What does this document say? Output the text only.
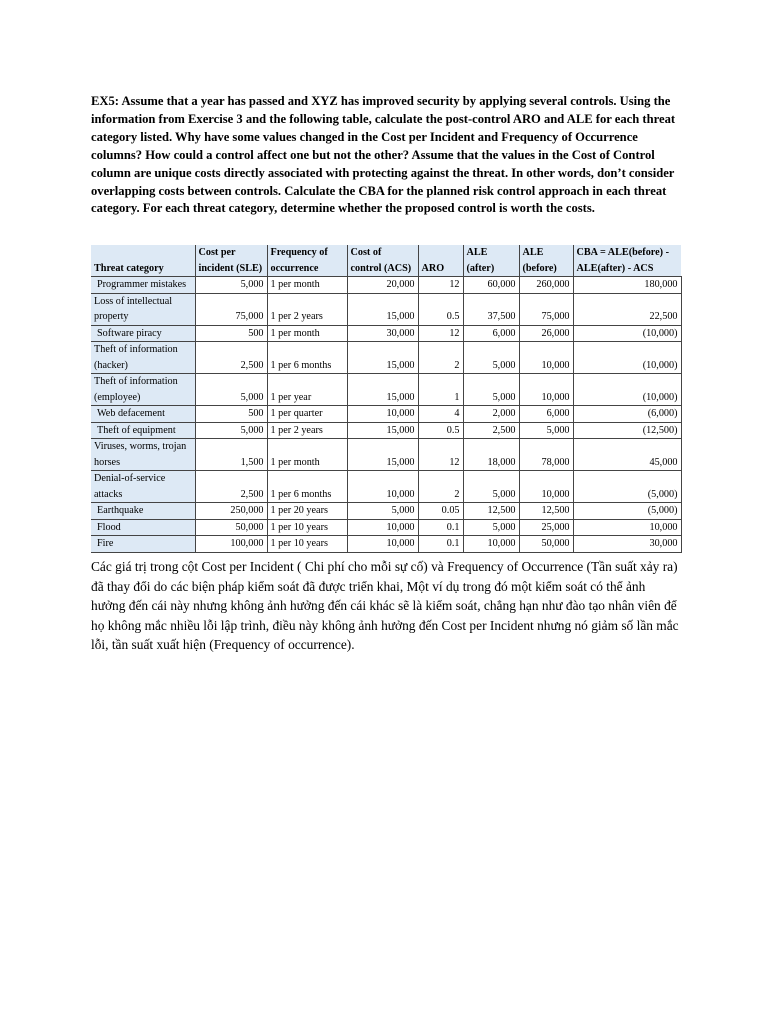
EX5: Assume that a year has passed and XYZ has improved security by applying several controls. Using the information from Exercise 3 and the following table, calculate the post-control ARO and ALE for each threat category listed. Why have some values changed in the Cost per Incident and Frequency of Occurrence columns? How could a control affect one but not the other? Assume that the values in the Cost of Control column are unique costs directly associated with protecting against the threat. In other words, don’t consider overlapping costs between controls. Calculate the CBA for the planned risk control approach in each threat category. For each threat category, determine whether the proposed control is worth the costs.

Threat category	Cost per incident (SLE)	Frequency of occurrence	Cost of control (ACS)	ARO	ALE (after)	ALE (before)	CBA = ALE(before) - ALE(after) - ACS
Programmer mistakes	5,000	1 per month	20,000	12	60,000	260,000	180,000
Loss of intellectual property	75,000	1 per 2 years	15,000	0.5	37,500	75,000	22,500
Software piracy	500	1 per month	30,000	12	6,000	26,000	(10,000)
Theft of information (hacker)	2,500	1 per 6 months	15,000	2	5,000	10,000	(10,000)
Theft of information (employee)	5,000	1 per year	15,000	1	5,000	10,000	(10,000)
Web defacement	500	1 per quarter	10,000	4	2,000	6,000	(6,000)
Theft of equipment	5,000	1 per 2 years	15,000	0.5	2,500	5,000	(12,500)
Viruses, worms, trojan horses	1,500	1 per month	15,000	12	18,000	78,000	45,000
Denial-of-service attacks	2,500	1 per 6 months	10,000	2	5,000	10,000	(5,000)
Earthquake	250,000	1 per 20 years	5,000	0.05	12,500	12,500	(5,000)
Flood	50,000	1 per 10 years	10,000	0.1	5,000	25,000	10,000
Fire	100,000	1 per 10 years	10,000	0.1	10,000	50,000	30,000

Các giá trị trong cột Cost per Incident ( Chi phí cho mỗi sự cố) và Frequency of Occurrence (Tần suất xảy ra) đã thay đổi do các biện pháp kiểm soát đã được triển khai, Một ví dụ trong đó một kiểm soát có thể ảnh hưởng đến cái này nhưng không ảnh hưởng đến cái khác sẽ là kiểm soát, chẳng hạn như đào tạo nhân viên để họ không mắc nhiều lỗi lập trình, điều này không ảnh hưởng đến Cost per Incident nhưng nó giảm số lần mắc lỗi, tần suất xuất hiện (Frequency of occurrence).
